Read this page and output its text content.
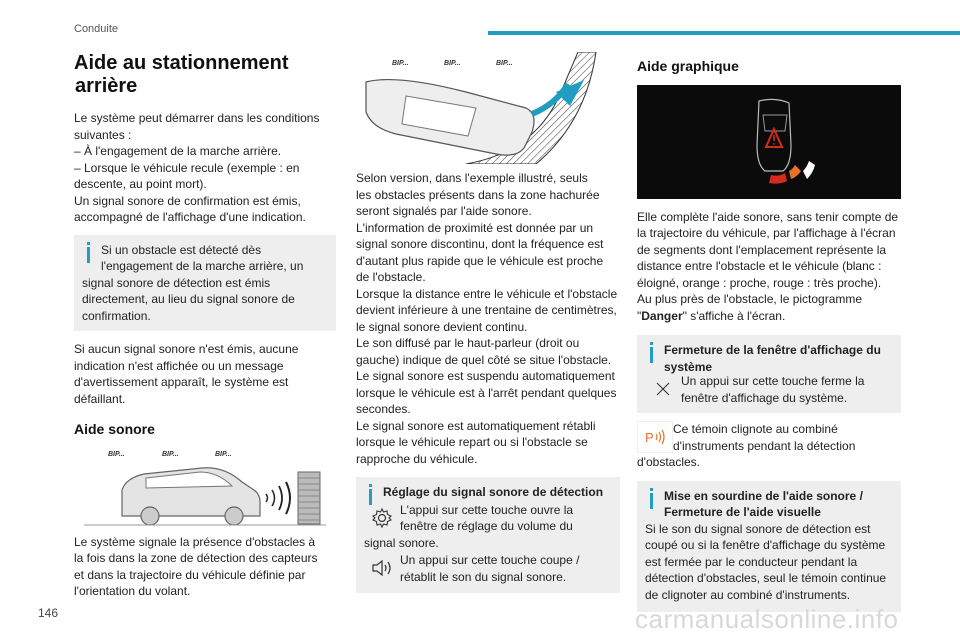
Conduite
Aide au stationnement
arrière

Le système peut démarrer dans les conditions
suivantes :
– À l'engagement de la marche arrière.
– Lorsque le véhicule recule (exemple : en
descente, au point mort).
Un signal sonore de confirmation est émis,
accompagné de l'affichage d'une indication.

Si un obstacle est détecté dès
l'engagement de la marche arrière, un
signal sonore de détection est émis
directement, au lieu du signal sonore de
confirmation.

Si aucun signal sonore n'est émis, aucune
indication n'est affichée ou un message
d'avertissement apparaît, le système est
défaillant.

Aide sonore
BIP...	BIP...	BIP...

Le système signale la présence d'obstacles à
la fois dans la zone de détection des capteurs
et dans la trajectoire du véhicule définie par
l'orientation du volant.

BIP...	BIP...	BIP...

Selon version, dans l'exemple illustré, seuls
les obstacles présents dans la zone hachurée
seront signalés par l'aide sonore.
L'information de proximité est donnée par un
signal sonore discontinu, dont la fréquence est
d'autant plus rapide que le véhicule est proche
de l'obstacle.
Lorsque la distance entre le véhicule et l'obstacle
devient inférieure à une trentaine de centimètres,
le signal sonore devient continu.
Le son diffusé par le haut-parleur (droit ou
gauche) indique de quel côté se situe l'obstacle.
Le signal sonore est suspendu automatiquement
lorsque le véhicule est à l'arrêt pendant quelques
secondes.
Le signal sonore est automatiquement rétabli
lorsque le véhicule repart ou si l'obstacle se
rapproche du véhicule.

Réglage du signal sonore de détection
L'appui sur cette touche ouvre la
fenêtre de réglage du volume du
signal sonore.
Un appui sur cette touche coupe /
rétablit le son du signal sonore.
Aide graphique

Elle complète l'aide sonore, sans tenir compte de
la trajectoire du véhicule, par l'affichage à l'écran
de segments dont l'emplacement représente la
distance entre l'obstacle et le véhicule (blanc :
éloigné, orange : proche, rouge : très proche).
Au plus près de l'obstacle, le pictogramme
"Danger" s'affiche à l'écran.

Fermeture de la fenêtre d'affichage du
système
Un appui sur cette touche ferme la
fenêtre d'affichage du système.
P
Ce témoin clignote au combiné
d'instruments pendant la détection
d'obstacles.
Mise en sourdine de l'aide sonore /
Fermeture de l'aide visuelle
Si le son du signal sonore de détection est
coupé ou si la fenêtre d'affichage du système
est fermée par le conducteur pendant la
détection d'obstacles, seul le témoin continue
de clignoter au combiné d'instruments.
146	carmanualsonline.info
